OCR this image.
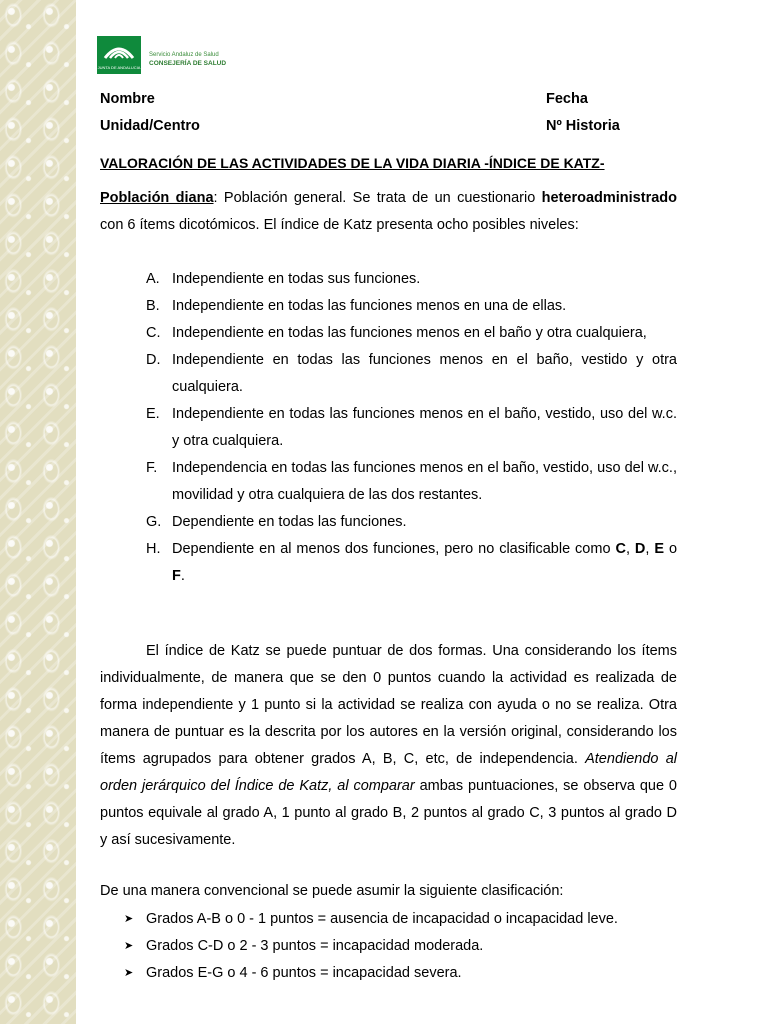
JUNTA DE ANDALUCIA
Servicio Andaluz de Salud
CONSEJERÍA DE SALUD
Nombre	Fecha
Unidad/Centro	Nº Historia
VALORACIÓN DE LAS ACTIVIDADES DE LA VIDA DIARIA -ÍNDICE DE KATZ-
Población diana: Población general. Se trata de un cuestionario heteroadministrado con 6 ítems dicotómicos. El índice de Katz presenta ocho posibles niveles:
A. Independiente en todas sus funciones.
B. Independiente en todas las funciones menos en una de ellas.
C. Independiente en todas las funciones menos en el baño y otra cualquiera,
D. Independiente en todas las funciones menos en el baño, vestido y otra cualquiera.
E. Independiente en todas las funciones menos en el baño, vestido, uso del w.c. y otra cualquiera.
F. Independencia en todas las funciones menos en el baño, vestido, uso del w.c., movilidad y otra cualquiera de las dos restantes.
G. Dependiente en todas las funciones.
H. Dependiente en al menos dos funciones, pero no clasificable como C, D, E o F.
El índice de Katz se puede puntuar de dos formas. Una considerando los ítems individualmente, de manera que se den 0 puntos cuando la actividad es realizada de forma independiente y 1 punto si la actividad se realiza con ayuda o no se realiza. Otra manera de puntuar es la descrita por los autores en la versión original, considerando los ítems agrupados para obtener grados A, B, C, etc, de independencia. Atendiendo al orden jerárquico del Índice de Katz, al comparar ambas puntuaciones, se observa que 0 puntos equivale al grado A, 1 punto al grado B, 2 puntos al grado C, 3 puntos al grado D y así sucesivamente.
De una manera convencional se puede asumir la siguiente clasificación:
➤ Grados A-B o 0 - 1 puntos = ausencia de incapacidad o incapacidad leve.
➤ Grados C-D o 2 - 3 puntos = incapacidad moderada.
➤ Grados E-G o 4 - 6 puntos = incapacidad severa.
